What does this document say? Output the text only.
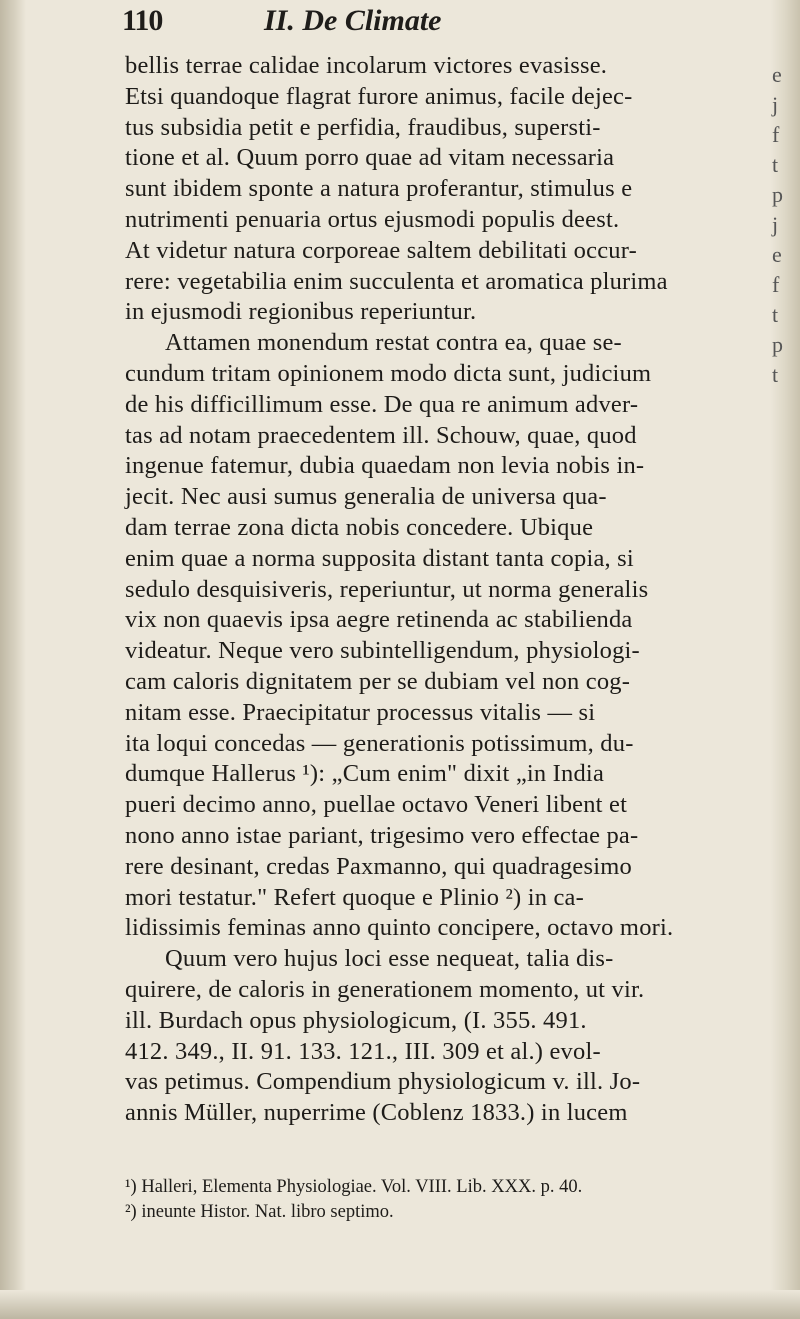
110	II. De Climate
bellis terrae calidae incolarum victores evasisse.
Etsi quandoque flagrat furore animus, facile dejec-
tus subsidia petit e perfidia, fraudibus, supersti-
tione et al. Quum porro quae ad vitam necessaria
sunt ibidem sponte a natura proferantur, stimulus e
nutrimenti penuaria ortus ejusmodi populis deest.
At videtur natura corporeae saltem debilitati occur-
rere: vegetabilia enim succulenta et aromatica plurima
in ejusmodi regionibus reperiuntur.
Attamen monendum restat contra ea, quae se-
cundum tritam opinionem modo dicta sunt, judicium
de his difficillimum esse. De qua re animum adver-
tas ad notam praecedentem ill. Schouw, quae, quod
ingenue fatemur, dubia quaedam non levia nobis in-
jecit. Nec ausi sumus generalia de universa qua-
dam terrae zona dicta nobis concedere. Ubique
enim quae a norma supposita distant tanta copia, si
sedulo desquisiveris, reperiuntur, ut norma generalis
vix non quaevis ipsa aegre retinenda ac stabilienda
videatur. Neque vero subintelligendum, physiologi-
cam caloris dignitatem per se dubiam vel non cog-
nitam esse. Praecipitatur processus vitalis — si
ita loqui concedas — generationis potissimum, du-
dumque Hallerus ¹): „Cum enim" dixit „in India
pueri decimo anno, puellae octavo Veneri libent et
nono anno istae pariant, trigesimo vero effectae pa-
rere desinant, credas Paxmanno, qui quadragesimo
mori testatur." Refert quoque e Plinio ²) in ca-
lidissimis feminas anno quinto concipere, octavo mori.
Quum vero hujus loci esse nequeat, talia dis-
quirere, de caloris in generationem momento, ut vir.
ill. Burdach opus physiologicum, (I. 355. 491.
412. 349., II. 91. 133. 121., III. 309 et al.) evol-
vas petimus. Compendium physiologicum v. ill. Jo-
annis Müller, nuperrime (Coblenz 1833.) in lucem
¹) Halleri, Elementa Physiologiae. Vol. VIII. Lib. XXX. p. 40.
²) ineunte Histor. Nat. libro septimo.
e
j
f
t
p
j
e
f
t
p
t
